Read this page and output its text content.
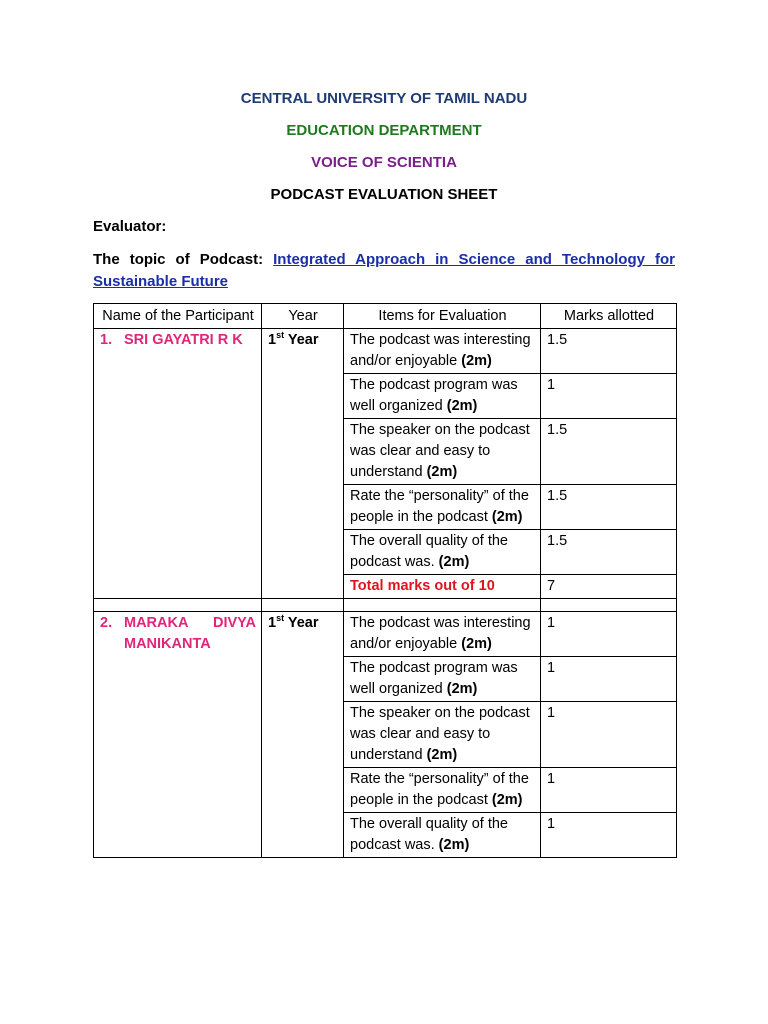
CENTRAL UNIVERSITY OF TAMIL NADU

EDUCATION DEPARTMENT

VOICE OF SCIENTIA

PODCAST EVALUATION SHEET

Evaluator:
The topic of Podcast: Integrated Approach in Science and Technology for Sustainable Future
Name of the Participant	Year	Items for Evaluation	Marks allotted

1. SRI GAYATRI R K	1st Year	The podcast was interesting and/or enjoyable (2m)	1.5
		The podcast program was well organized (2m)	1
		The speaker on the podcast was clear and easy to understand (2m)	1.5
		Rate the “personality” of the people in the podcast (2m)	1.5
		The overall quality of the podcast was. (2m)	1.5
		Total marks out of 10	7

2. MARAKA DIVYA MANIKANTA	1st Year	The podcast was interesting and/or enjoyable (2m)	1
		The podcast program was well organized (2m)	1
		The speaker on the podcast was clear and easy to understand (2m)	1
		Rate the “personality” of the people in the podcast (2m)	1
		The overall quality of the podcast was. (2m)	1
